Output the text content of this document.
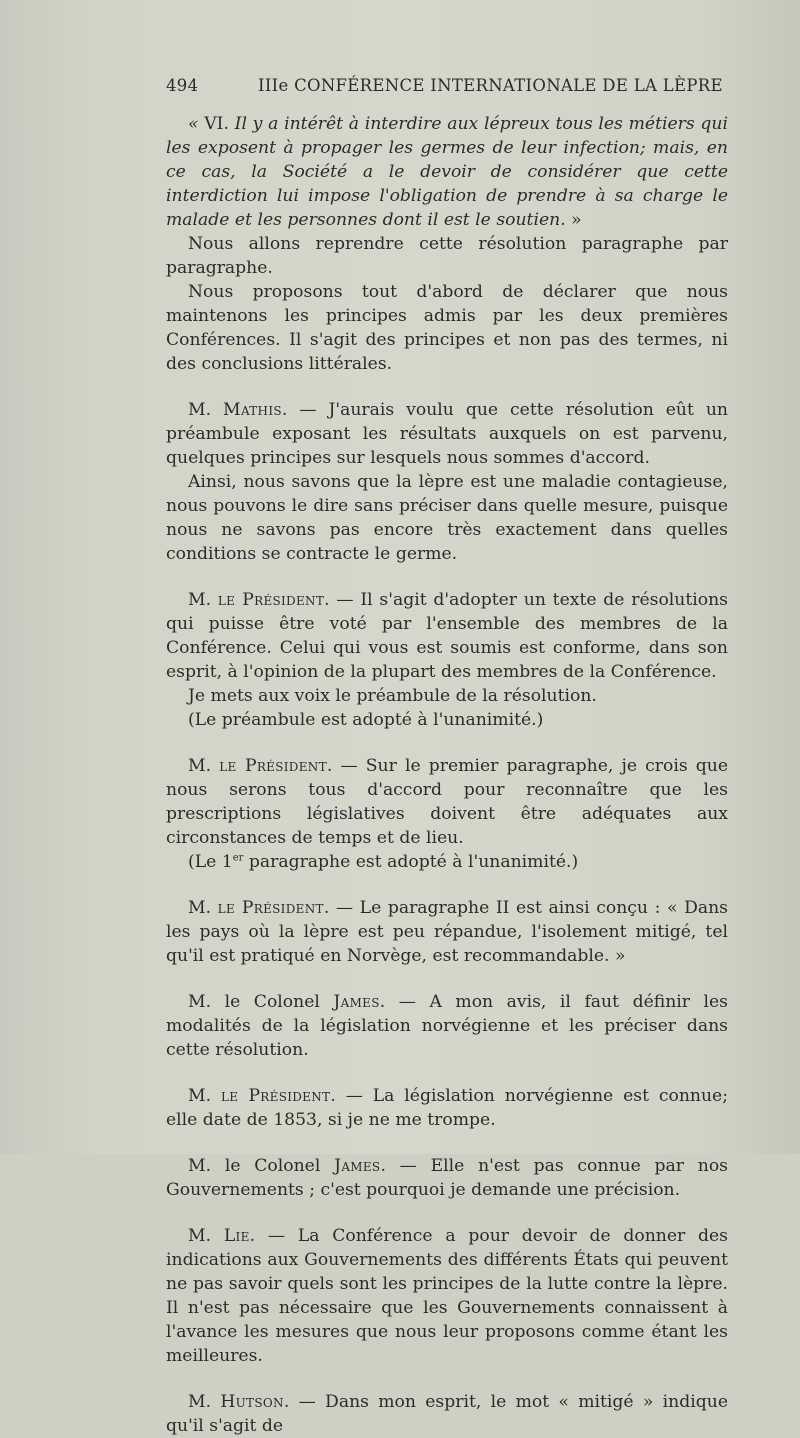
494	IIIe CONFÉRENCE INTERNATIONALE DE LA LÈPRE

« VI. Il y a intérêt à interdire aux lépreux tous les métiers qui les exposent à propager les germes de leur infection; mais, en ce cas, la Société a le devoir de considérer que cette interdiction lui impose l'obligation de prendre à sa charge le malade et les personnes dont il est le soutien. »

Nous allons reprendre cette résolution paragraphe par paragraphe.

Nous proposons tout d'abord de déclarer que nous maintenons les principes admis par les deux premières Conférences. Il s'agit des principes et non pas des termes, ni des conclusions littérales.

M. Mathis. — J'aurais voulu que cette résolution eût un préambule exposant les résultats auxquels on est parvenu, quelques principes sur lesquels nous sommes d'accord.

Ainsi, nous savons que la lèpre est une maladie contagieuse, nous pouvons le dire sans préciser dans quelle mesure, puisque nous ne savons pas encore très exactement dans quelles conditions se contracte le germe.

M. le Président. — Il s'agit d'adopter un texte de résolutions qui puisse être voté par l'ensemble des membres de la Conférence. Celui qui vous est soumis est conforme, dans son esprit, à l'opinion de la plupart des membres de la Conférence.

Je mets aux voix le préambule de la résolution.

(Le préambule est adopté à l'unanimité.)

M. le Président. — Sur le premier paragraphe, je crois que nous serons tous d'accord pour reconnaître que les prescriptions législatives doivent être adéquates aux circonstances de temps et de lieu.

(Le 1er paragraphe est adopté à l'unanimité.)

M. le Président. — Le paragraphe II est ainsi conçu : « Dans les pays où la lèpre est peu répandue, l'isolement mitigé, tel qu'il est pratiqué en Norvège, est recommandable. »

M. le Colonel James. — A mon avis, il faut définir les modalités de la législation norvégienne et les préciser dans cette résolution.

M. le Président. — La législation norvégienne est connue; elle date de 1853, si je ne me trompe.

M. le Colonel James. — Elle n'est pas connue par nos Gouvernements ; c'est pourquoi je demande une précision.

M. Lie. — La Conférence a pour devoir de donner des indications aux Gouvernements des différents États qui peuvent ne pas savoir quels sont les principes de la lutte contre la lèpre. Il n'est pas nécessaire que les Gouvernements connaissent à l'avance les mesures que nous leur proposons comme étant les meilleures.

M. Hutson. — Dans mon esprit, le mot « mitigé » indique qu'il s'agit de
